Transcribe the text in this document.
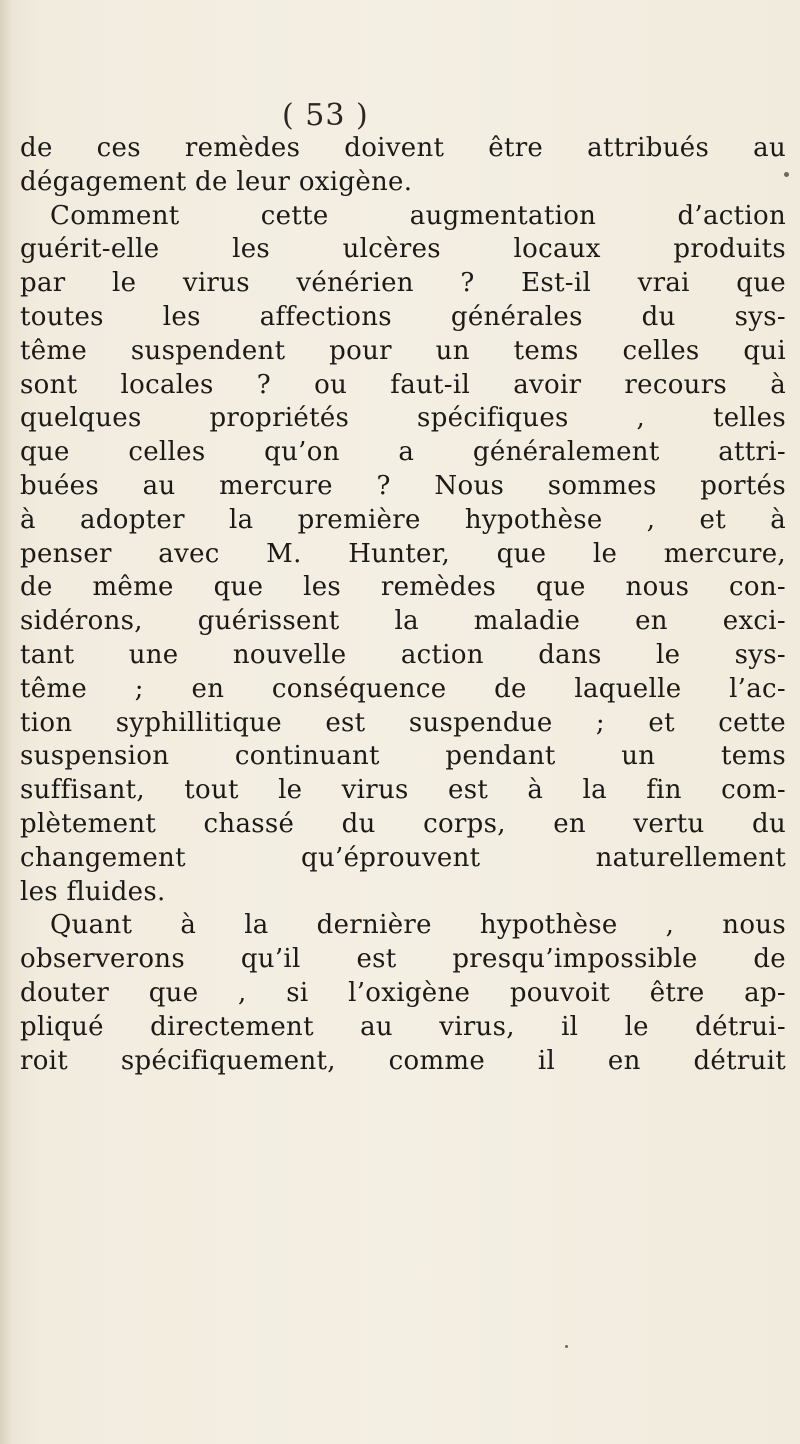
( 53 )
de ces remèdes doivent être attribués au
dégagement de leur oxigène.
Comment cette augmentation d’action
guérit-elle les ulcères locaux produits
par le virus vénérien ? Est-il vrai que
toutes les affections générales du sys-
tême suspendent pour un tems celles qui
sont locales ? ou faut-il avoir recours à
quelques propriétés spécifiques , telles
que celles qu’on a généralement attri-
buées au mercure ? Nous sommes portés
à adopter la première hypothèse , et à
penser avec M. Hunter, que le mercure,
de même que les remèdes que nous con-
sidérons, guérissent la maladie en exci-
tant une nouvelle action dans le sys-
tême ; en conséquence de laquelle l’ac-
tion syphillitique est suspendue ; et cette
suspension continuant pendant un tems
suffisant, tout le virus est à la fin com-
plètement chassé du corps, en vertu du
changement qu’éprouvent naturellement
les fluides.
Quant à la dernière hypothèse , nous
observerons qu’il est presqu’impossible de
douter que , si l’oxigène pouvoit être ap-
pliqué directement au virus, il le détrui-
roit spécifiquement, comme il en détruit
